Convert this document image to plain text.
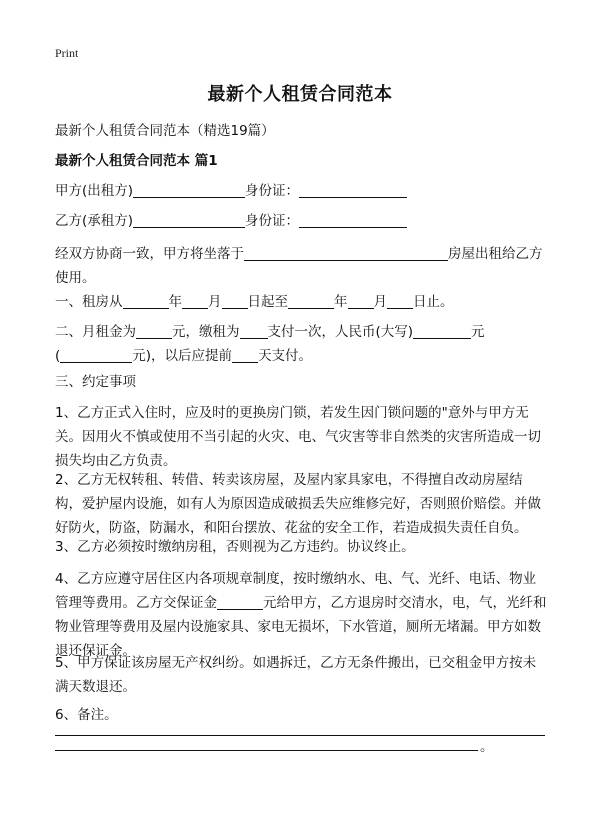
Print
最新个人租赁合同范本
最新个人租赁合同范本（精选19篇）
最新个人租赁合同范本 篇1
甲方(出租方)	身份证：
乙方(承租方)	身份证：
经双方协商一致，甲方将坐落于	房屋出租给乙方
使用。
一、租房从	年 月 日起至	年 月 日止。
二、月租金为	元，缴租为 支付一次，人民币(大写)	元
(	元)，以后应提前 天支付。
三、约定事项
1、乙方正式入住时，应及时的更换房门锁，若发生因门锁问题的"意外与甲方无关。因用火不慎或使用不当引起的火灾、电、气灾害等非自然类的灾害所造成一切损失均由乙方负责。
2、乙方无权转租、转借、转卖该房屋，及屋内家具家电，不得擅自改动房屋结构，爱护屋内设施，如有人为原因造成破损丢失应维修完好，否则照价赔偿。并做好防火，防盗，防漏水，和阳台摆放、花盆的安全工作，若造成损失责任自负。
3、乙方必须按时缴纳房租，否则视为乙方违约。协议终止。
4、乙方应遵守居住区内各项规章制度，按时缴纳水、电、气、光纤、电话、物业管理等费用。乙方交保证金	元给甲方，乙方退房时交清水，电，气，光纤和物业管理等费用及屋内设施家具、家电无损坏，下水管道，厕所无堵漏。甲方如数退还保证金。
5、甲方保证该房屋无产权纠纷。如遇拆迁，乙方无条件搬出，已交租金甲方按未满天数退还。
6、备注。
。
